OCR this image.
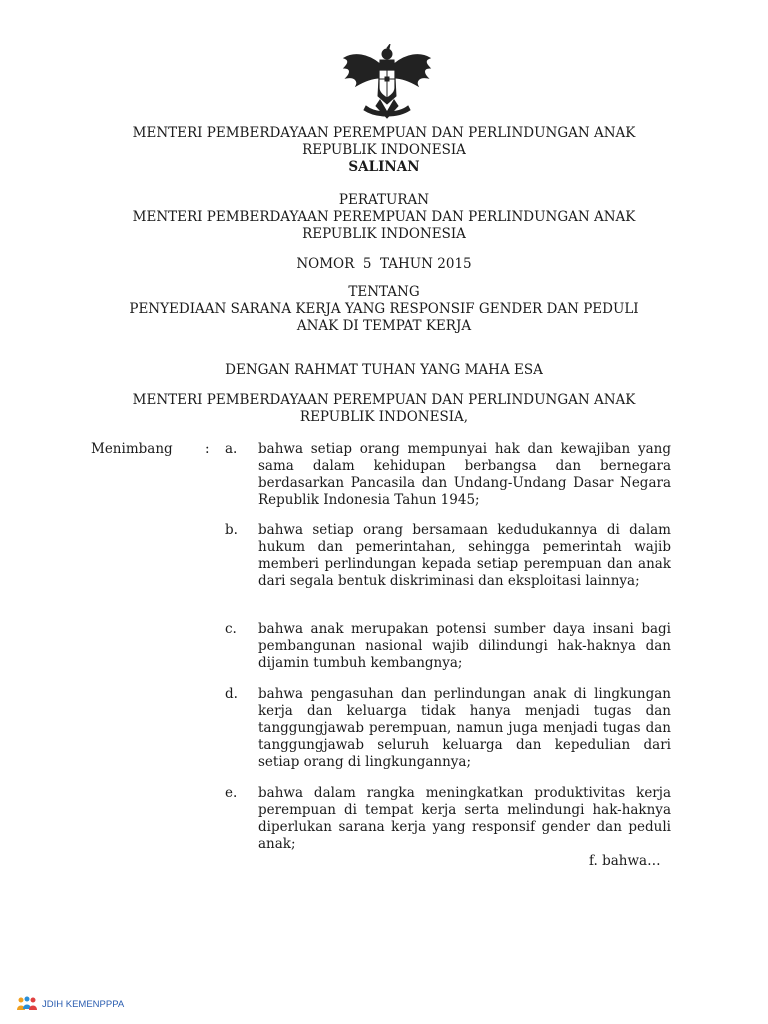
MENTERI PEMBERDAYAAN PEREMPUAN DAN PERLINDUNGAN ANAK
REPUBLIK INDONESIA
SALINAN
PERATURAN
MENTERI PEMBERDAYAAN PEREMPUAN DAN PERLINDUNGAN ANAK
REPUBLIK INDONESIA
NOMOR  5  TAHUN 2015
TENTANG
PENYEDIAAN SARANA KERJA YANG RESPONSIF GENDER DAN PEDULI
ANAK DI TEMPAT KERJA
DENGAN RAHMAT TUHAN YANG MAHA ESA
MENTERI PEMBERDAYAAN PEREMPUAN DAN PERLINDUNGAN ANAK
REPUBLIK INDONESIA,
Menimbang : a. bahwa setiap orang mempunyai hak dan kewajiban yang sama dalam kehidupan berbangsa dan bernegara berdasarkan Pancasila dan Undang-Undang Dasar Negara Republik Indonesia Tahun 1945;
b. bahwa setiap orang bersamaan kedudukannya di dalam hukum dan pemerintahan, sehingga pemerintah wajib memberi perlindungan kepada setiap perempuan dan anak dari segala bentuk diskriminasi dan eksploitasi lainnya;
c. bahwa anak merupakan potensi sumber daya insani bagi pembangunan nasional wajib dilindungi hak-haknya dan dijamin tumbuh kembangnya;
d. bahwa pengasuhan dan perlindungan anak di lingkungan kerja dan keluarga tidak hanya menjadi tugas dan tanggungjawab perempuan, namun juga menjadi tugas dan tanggungjawab seluruh keluarga dan kepedulian dari setiap orang di lingkungannya;
e. bahwa dalam rangka meningkatkan produktivitas kerja perempuan di tempat kerja serta melindungi hak-haknya diperlukan sarana kerja yang responsif gender dan peduli anak;
f. bahwa…
JDIH KEMENPPPA
